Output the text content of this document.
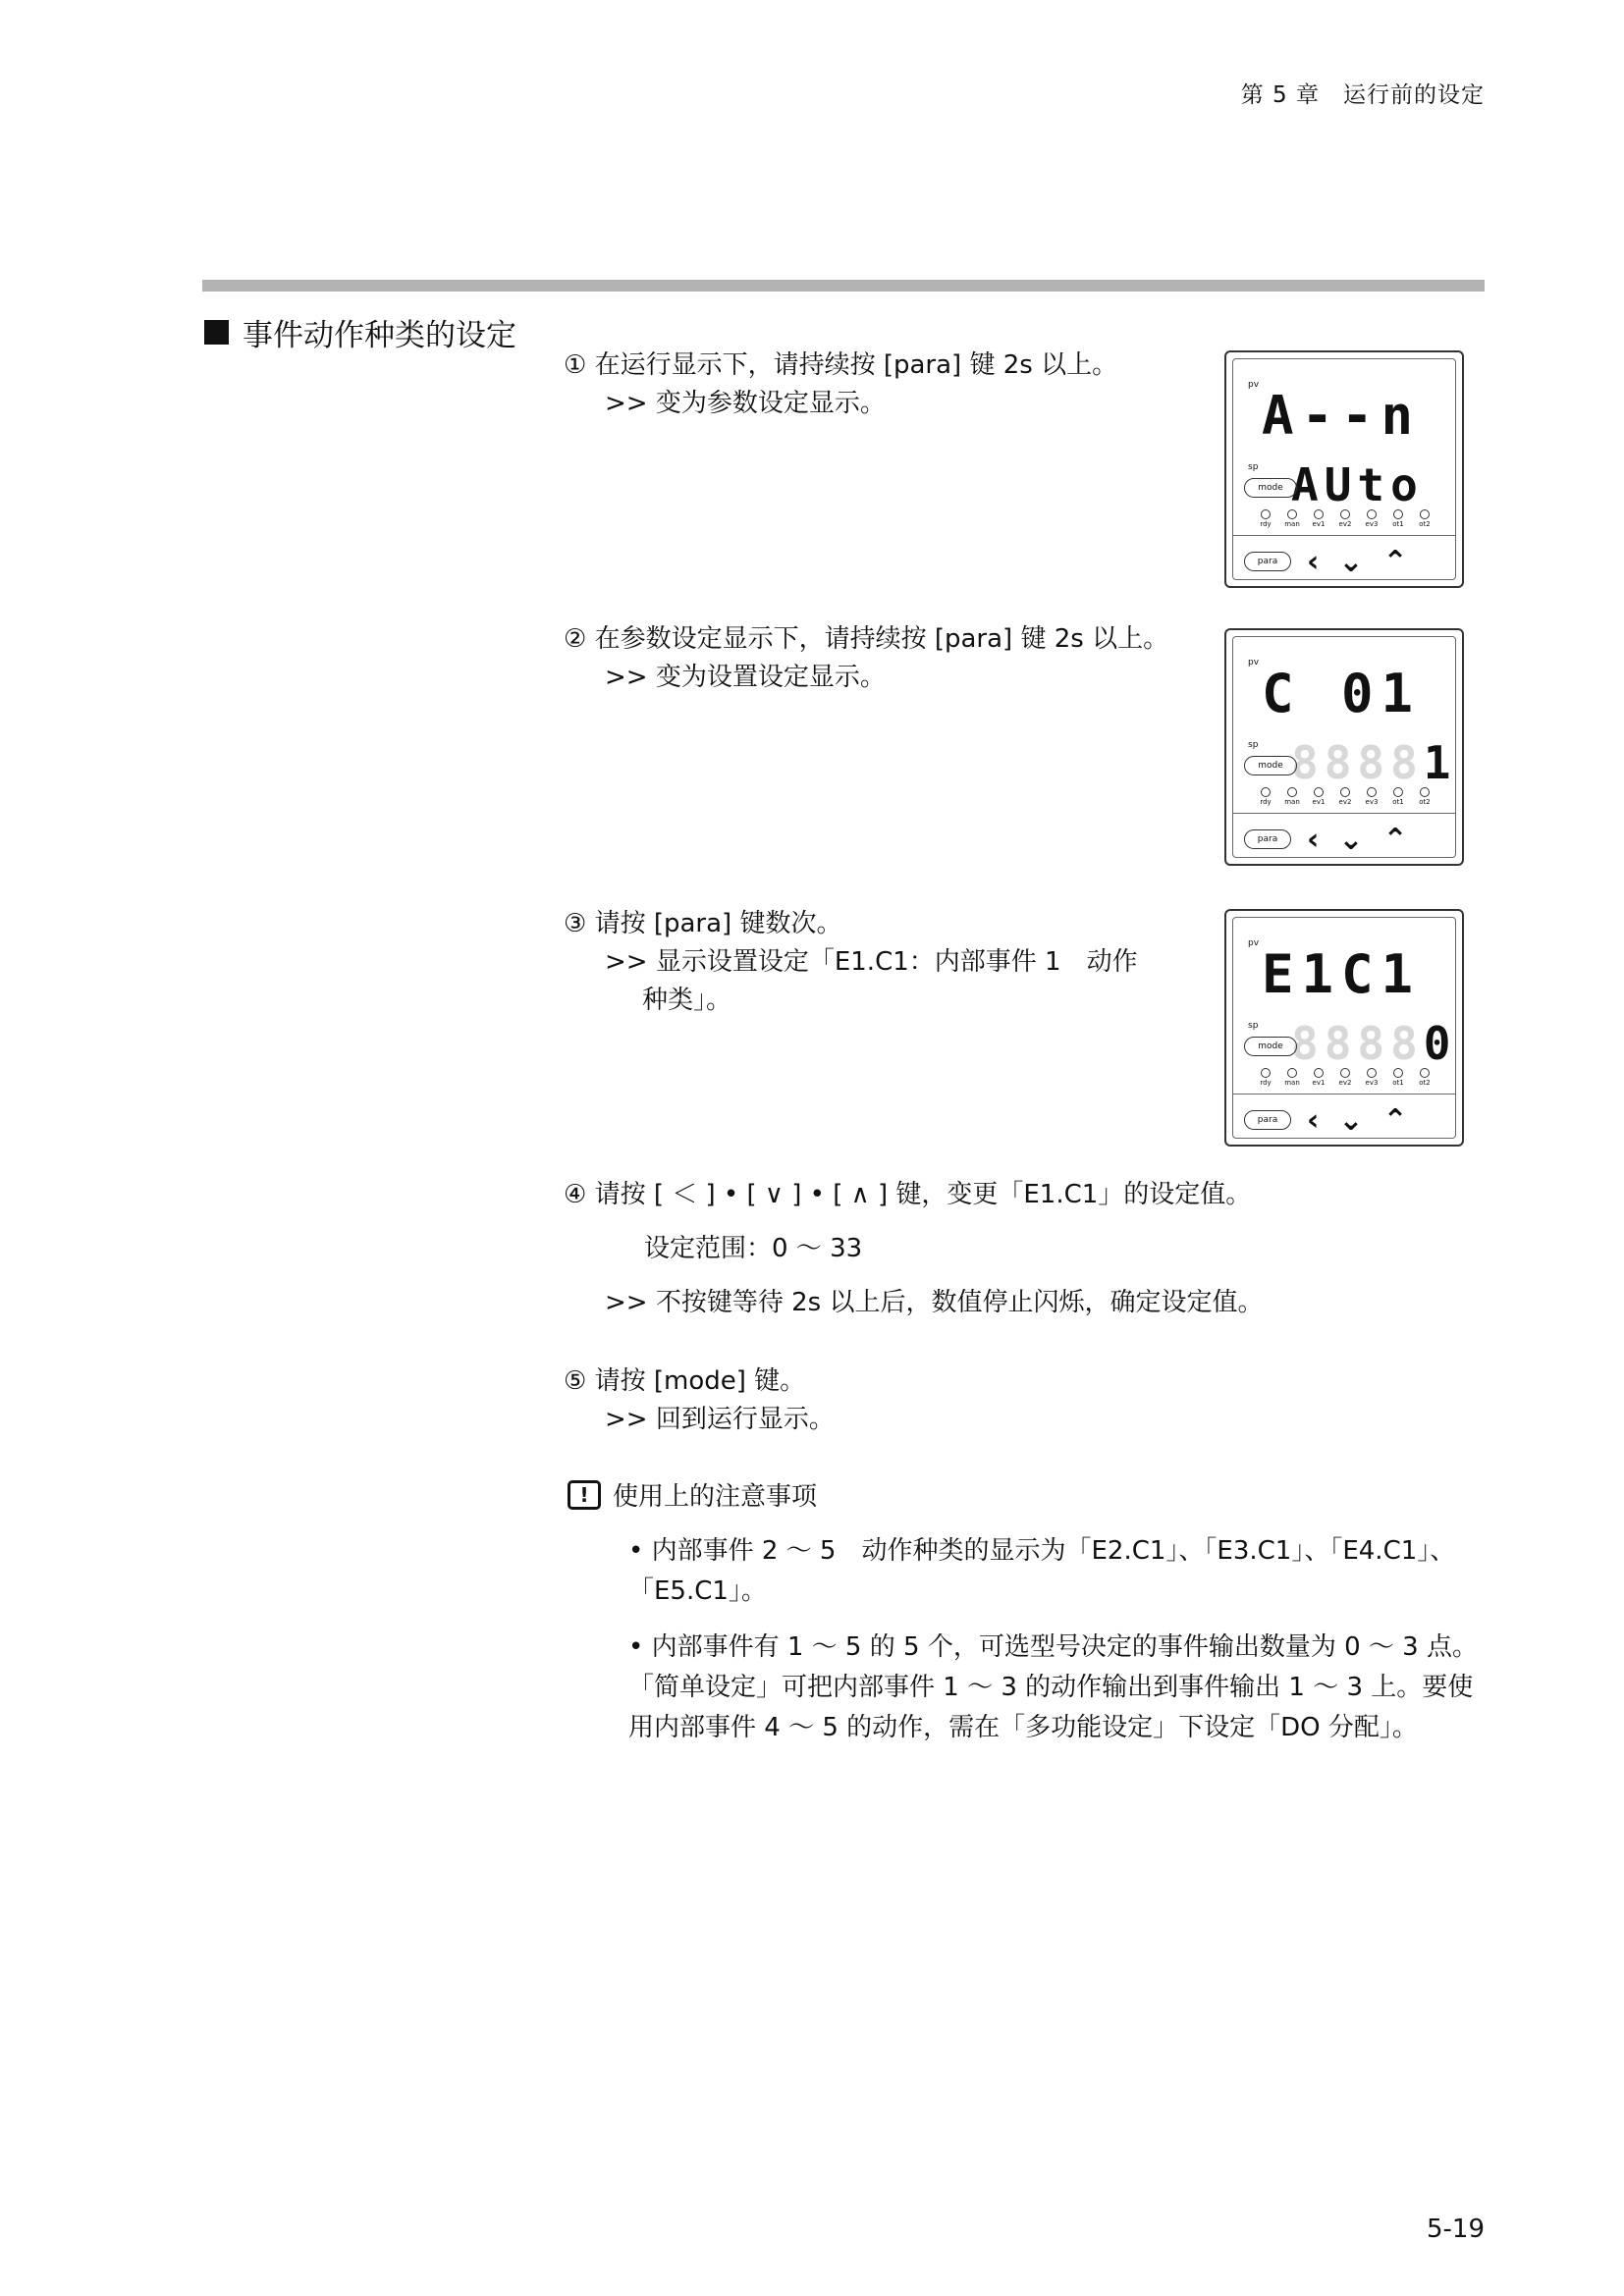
第 5 章　运行前的设定
事件动作种类的设定
① 在运行显示下，请持续按 [para] 键 2s 以上。
>> 变为参数设定显示。
② 在参数设定显示下，请持续按 [para] 键 2s 以上。
>> 变为设置设定显示。
③ 请按 [para] 键数次。
>> 显示设置设定「E1.C1：内部事件 1　动作
种类」。
④ 请按 [ ＜ ] • [ ∨ ] • [ ∧ ] 键，变更「E1.C1」的设定值。
设定范围：0 ～ 33
>> 不按键等待 2s 以上后，数值停止闪烁，确定设定值。
⑤ 请按 [mode] 键。
>> 回到运行显示。
pv A--n
sp AUto
mode
rdy	man	ev1	ev2	ev3	ot1	ot2
para ‹ ⌄ ⌃
pv C 01
sp 88881
mode
rdy	man	ev1	ev2	ev3	ot1	ot2
para ‹ ⌄ ⌃
pv E1C1
sp 88880
mode
rdy	man	ev1	ev2	ev3	ot1	ot2
para ‹ ⌄ ⌃
! 使用上的注意事项
• 内部事件 2 ～ 5　动作种类的显示为「E2.C1」、「E3.C1」、「E4.C1」、「E5.C1」。
• 内部事件有 1 ～ 5 的 5 个，可选型号决定的事件输出数量为 0 ～ 3 点。「简单设定」可把内部事件 1 ～ 3 的动作输出到事件输出 1 ～ 3 上。要使用内部事件 4 ～ 5 的动作，需在「多功能设定」下设定「DO 分配」。
5-19
